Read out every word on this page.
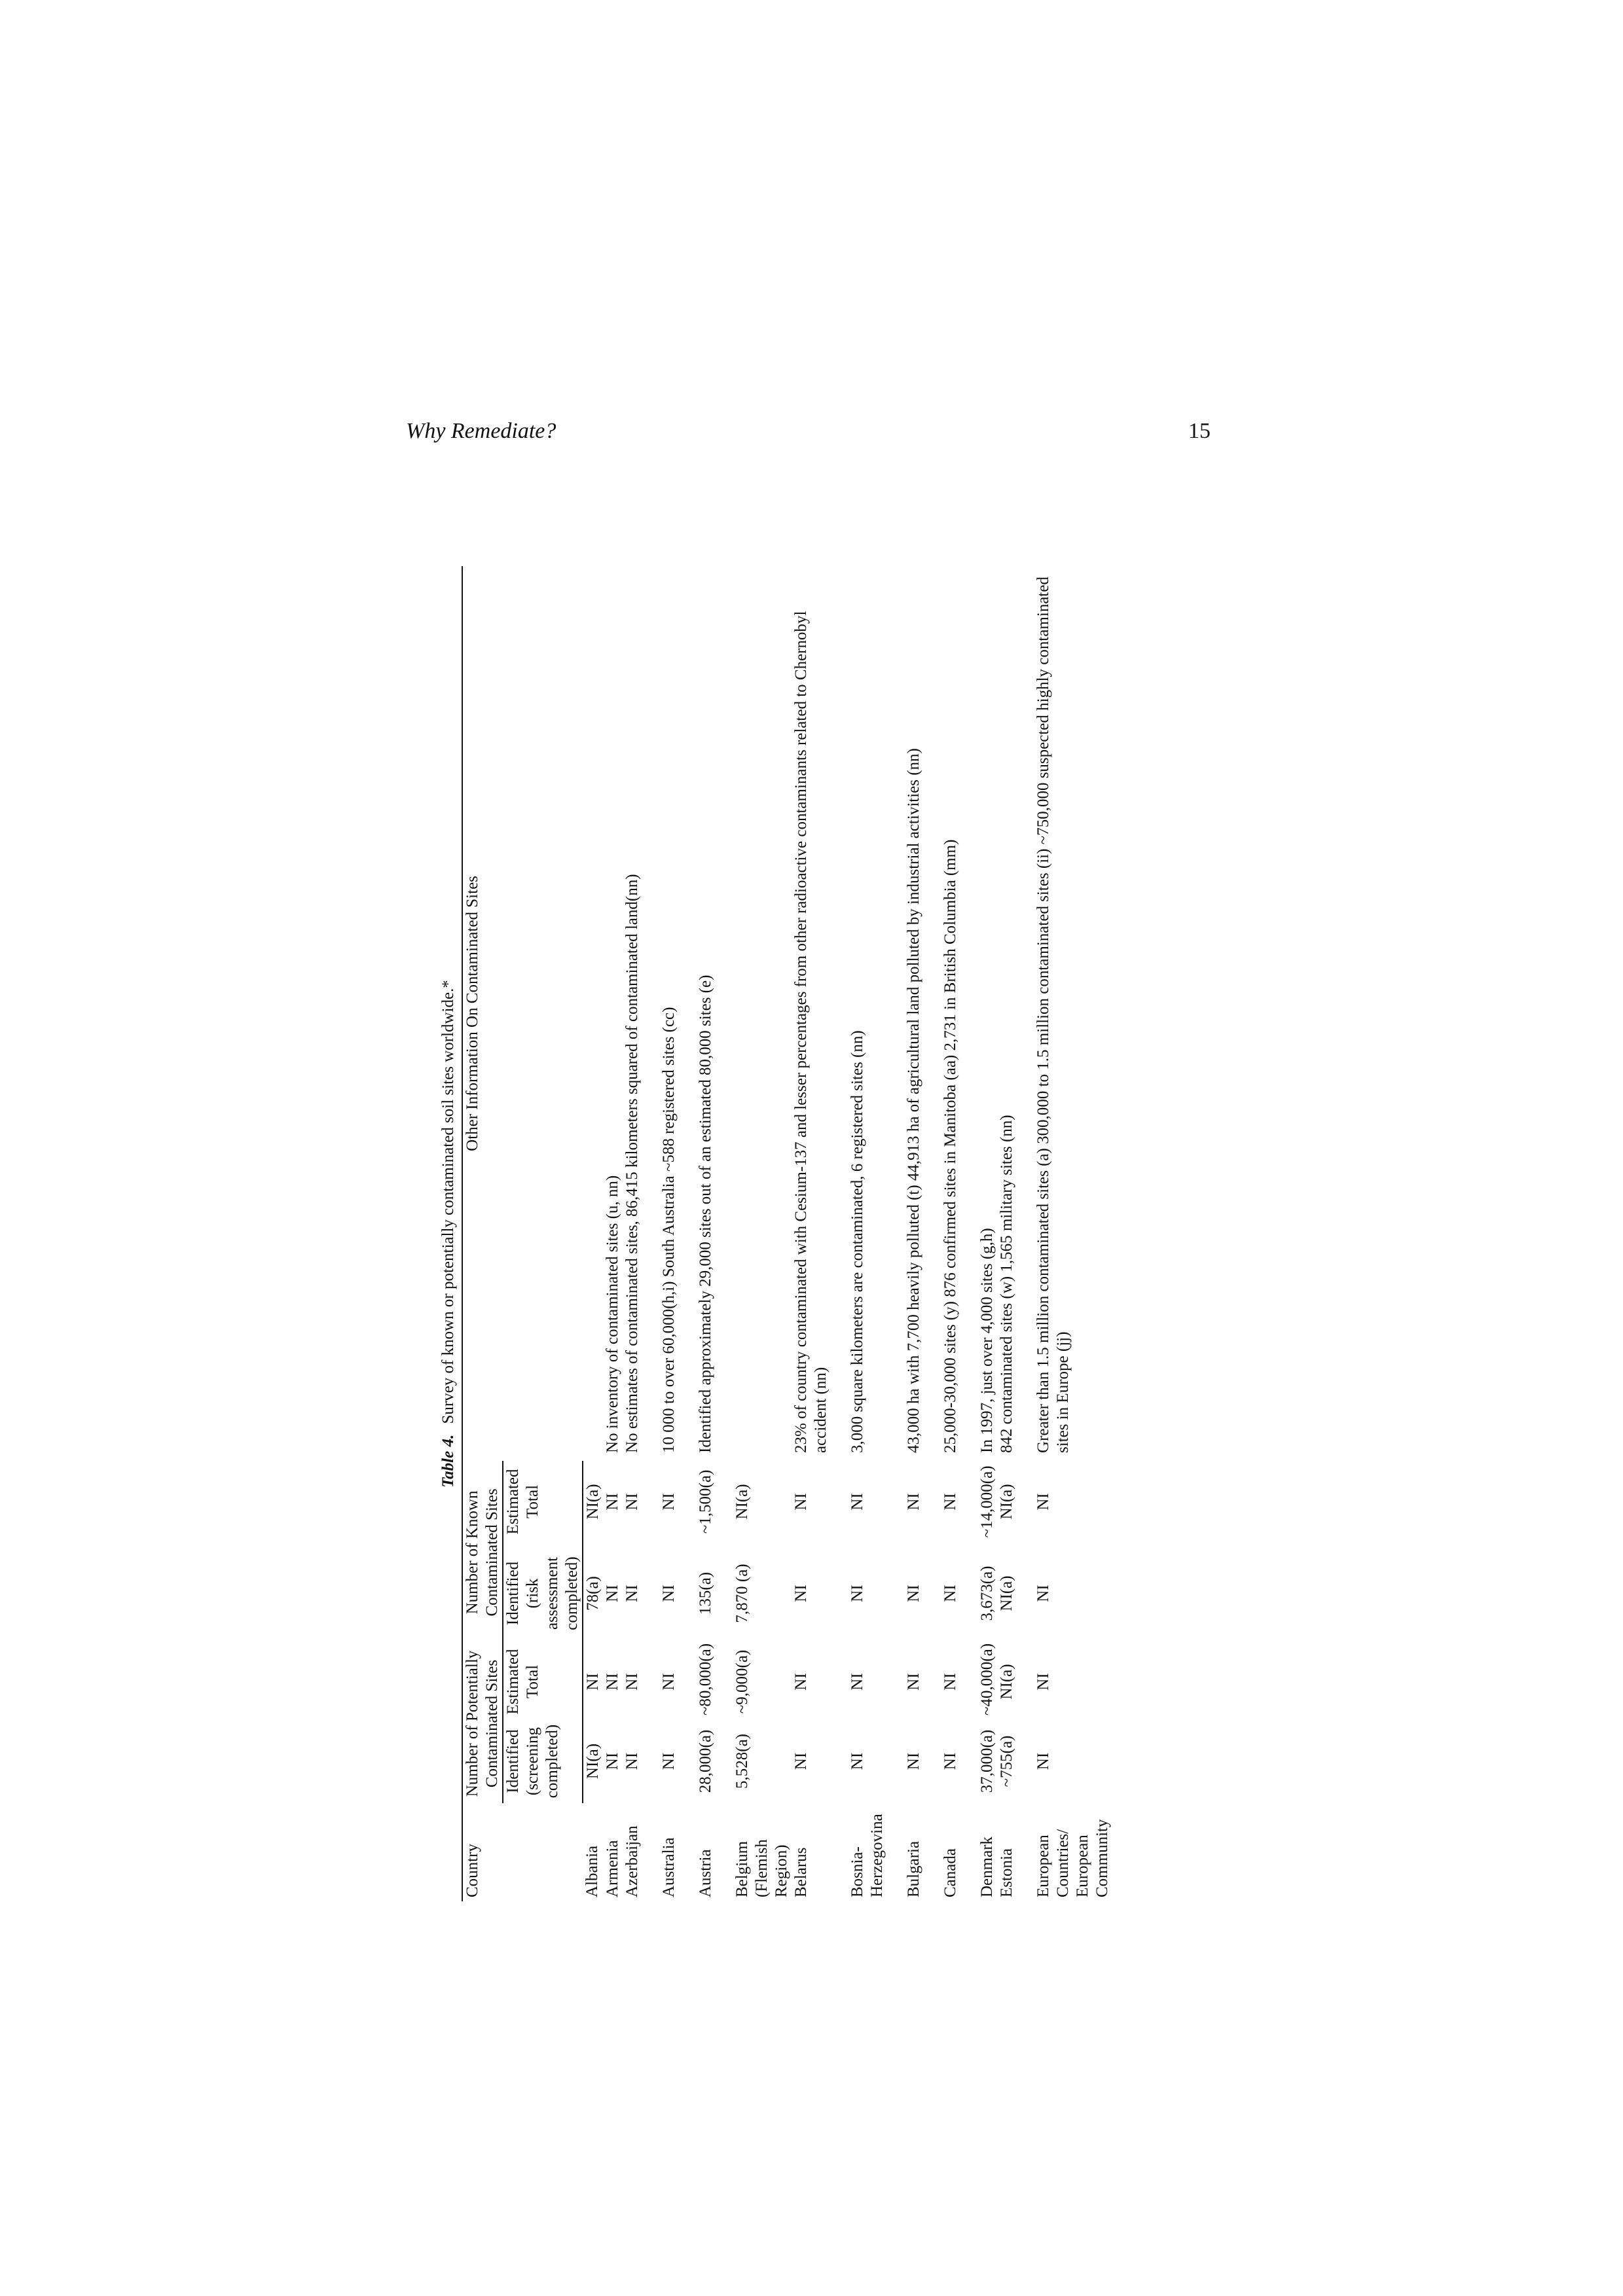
Why Remediate?	15
Table 4. Survey of known or potentially contaminated soil sites worldwide.*
Country	Number of Potentially Contaminated Sites		Number of Known Contaminated Sites		Other Information On Contaminated Sites
	Identified (screening completed)	Estimated Total	Identified (risk assessment completed)	Estimated Total	
Albania	NI(a)	NI	78(a)	NI(a)	
Armenia	NI	NI	NI	NI	No inventory of contaminated sites (u, nn)
Azerbaijan	NI	NI	NI	NI	No estimates of contaminated sites, 86,415 kilometers squared of contaminated land(nn)
Australia	NI	NI	NI	NI	10 000 to over 60,000(h,i) South Australia ~588 registered sites (cc)
Austria	28,000(a)	~80,000(a)	135(a)	~1,500(a)	Identified approximately 29,000 sites out of an estimated 80,000 sites (e)
Belgium (Flemish Region)	5,528(a)	~9,000(a)	7,870 (a)	NI(a)	
Belarus	NI	NI	NI	NI	23% of country contaminated with Cesium-137 and lesser percentages from other radioactive contaminants related to Chernobyl accident (nn)
Bosnia-Herzegovina	NI	NI	NI	NI	3,000 square kilometers are contaminated, 6 registered sites (nn)
Bulgaria	NI	NI	NI	NI	43,000 ha with 7,700 heavily polluted (t) 44,913 ha of agricultural land polluted by industrial activities (nn)
Canada	NI	NI	NI	NI	25,000-30,000 sites (y) 876 confirmed sites in Manitoba (aa) 2,731 in British Columbia (mm)
Denmark	37,000(a)	~40,000(a)	3,673(a)	~14,000(a)	In 1997, just over 4,000 sites (g,h)
Estonia	~755(a)	NI(a)	NI(a)	NI(a)	842 contaminated sites (w) 1,565 military sites (nn)
European Countries/ European Community	NI	NI	NI	NI	Greater than 1.5 million contaminated sites (a) 300,000 to 1.5 million contaminated sites (ii) ~750,000 suspected highly contaminated sites in Europe (jj)
